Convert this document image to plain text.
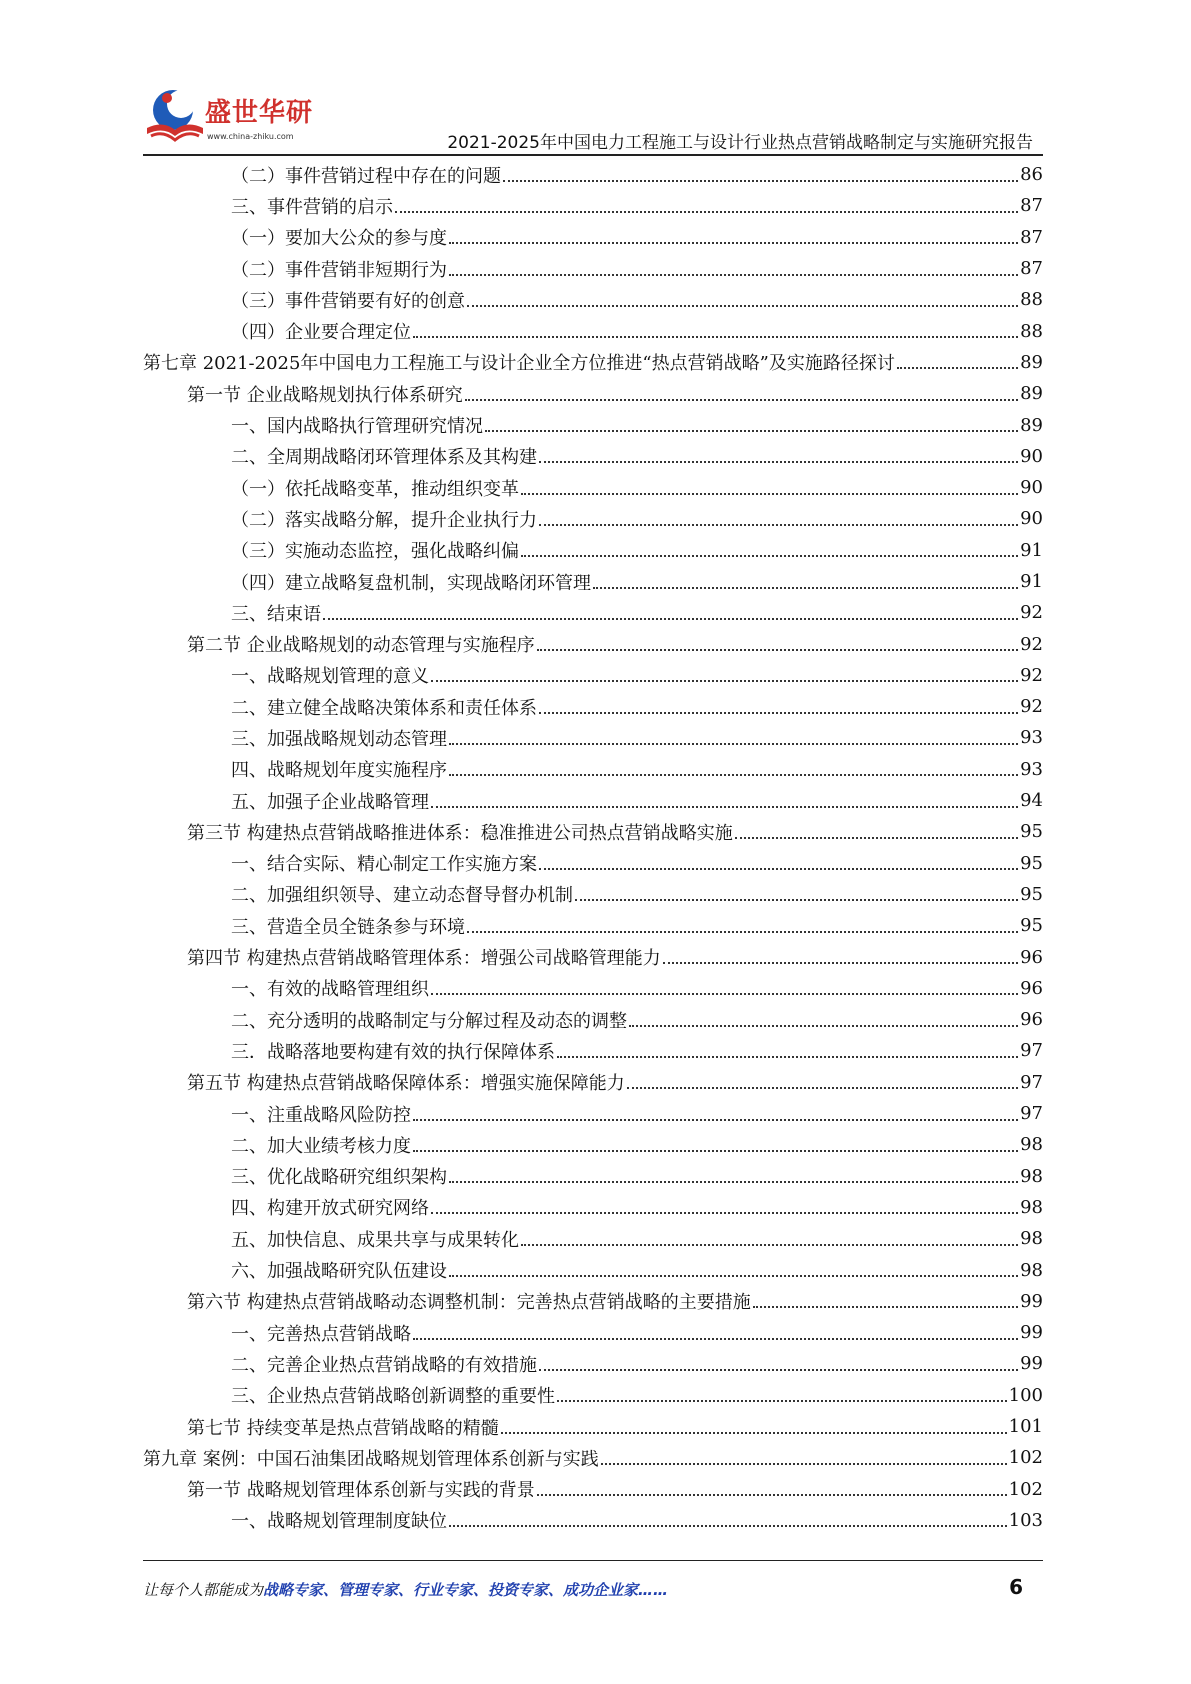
盛世华研
www.china-zhiku.com	2021-2025年中国电力工程施工与设计行业热点营销战略制定与实施研究报告
（二）事件营销过程中存在的问题	86
三、事件营销的启示	87
（一）要加大公众的参与度	87
（二）事件营销非短期行为	87
（三）事件营销要有好的创意	88
（四）企业要合理定位	88
第七章 2021-2025年中国电力工程施工与设计企业全方位推进“热点营销战略”及实施路径探讨	89
第一节 企业战略规划执行体系研究	89
一、国内战略执行管理研究情况	89
二、全周期战略闭环管理体系及其构建	90
（一）依托战略变革，推动组织变革	90
（二）落实战略分解，提升企业执行力	90
（三）实施动态监控，强化战略纠偏	91
（四）建立战略复盘机制，实现战略闭环管理	91
三、结束语	92
第二节 企业战略规划的动态管理与实施程序	92
一、战略规划管理的意义	92
二、建立健全战略决策体系和责任体系	92
三、加强战略规划动态管理	93
四、战略规划年度实施程序	93
五、加强子企业战略管理	94
第三节 构建热点营销战略推进体系：稳准推进公司热点营销战略实施	95
一、结合实际、精心制定工作实施方案	95
二、加强组织领导、建立动态督导督办机制	95
三、营造全员全链条参与环境	95
第四节 构建热点营销战略管理体系：增强公司战略管理能力	96
一、有效的战略管理组织	96
二、充分透明的战略制定与分解过程及动态的调整	96
三．战略落地要构建有效的执行保障体系	97
第五节 构建热点营销战略保障体系：增强实施保障能力	97
一、注重战略风险防控	97
二、加大业绩考核力度	98
三、优化战略研究组织架构	98
四、构建开放式研究网络	98
五、加快信息、成果共享与成果转化	98
六、加强战略研究队伍建设	98
第六节 构建热点营销战略动态调整机制：完善热点营销战略的主要措施	99
一、完善热点营销战略	99
二、完善企业热点营销战略的有效措施	99
三、企业热点营销战略创新调整的重要性	100
第七节 持续变革是热点营销战略的精髓	101
第九章 案例：中国石油集团战略规划管理体系创新与实践	102
第一节 战略规划管理体系创新与实践的背景	102
一、战略规划管理制度缺位	103
让每个人都能成为战略专家、管理专家、行业专家、投资专家、成功企业家……	6
